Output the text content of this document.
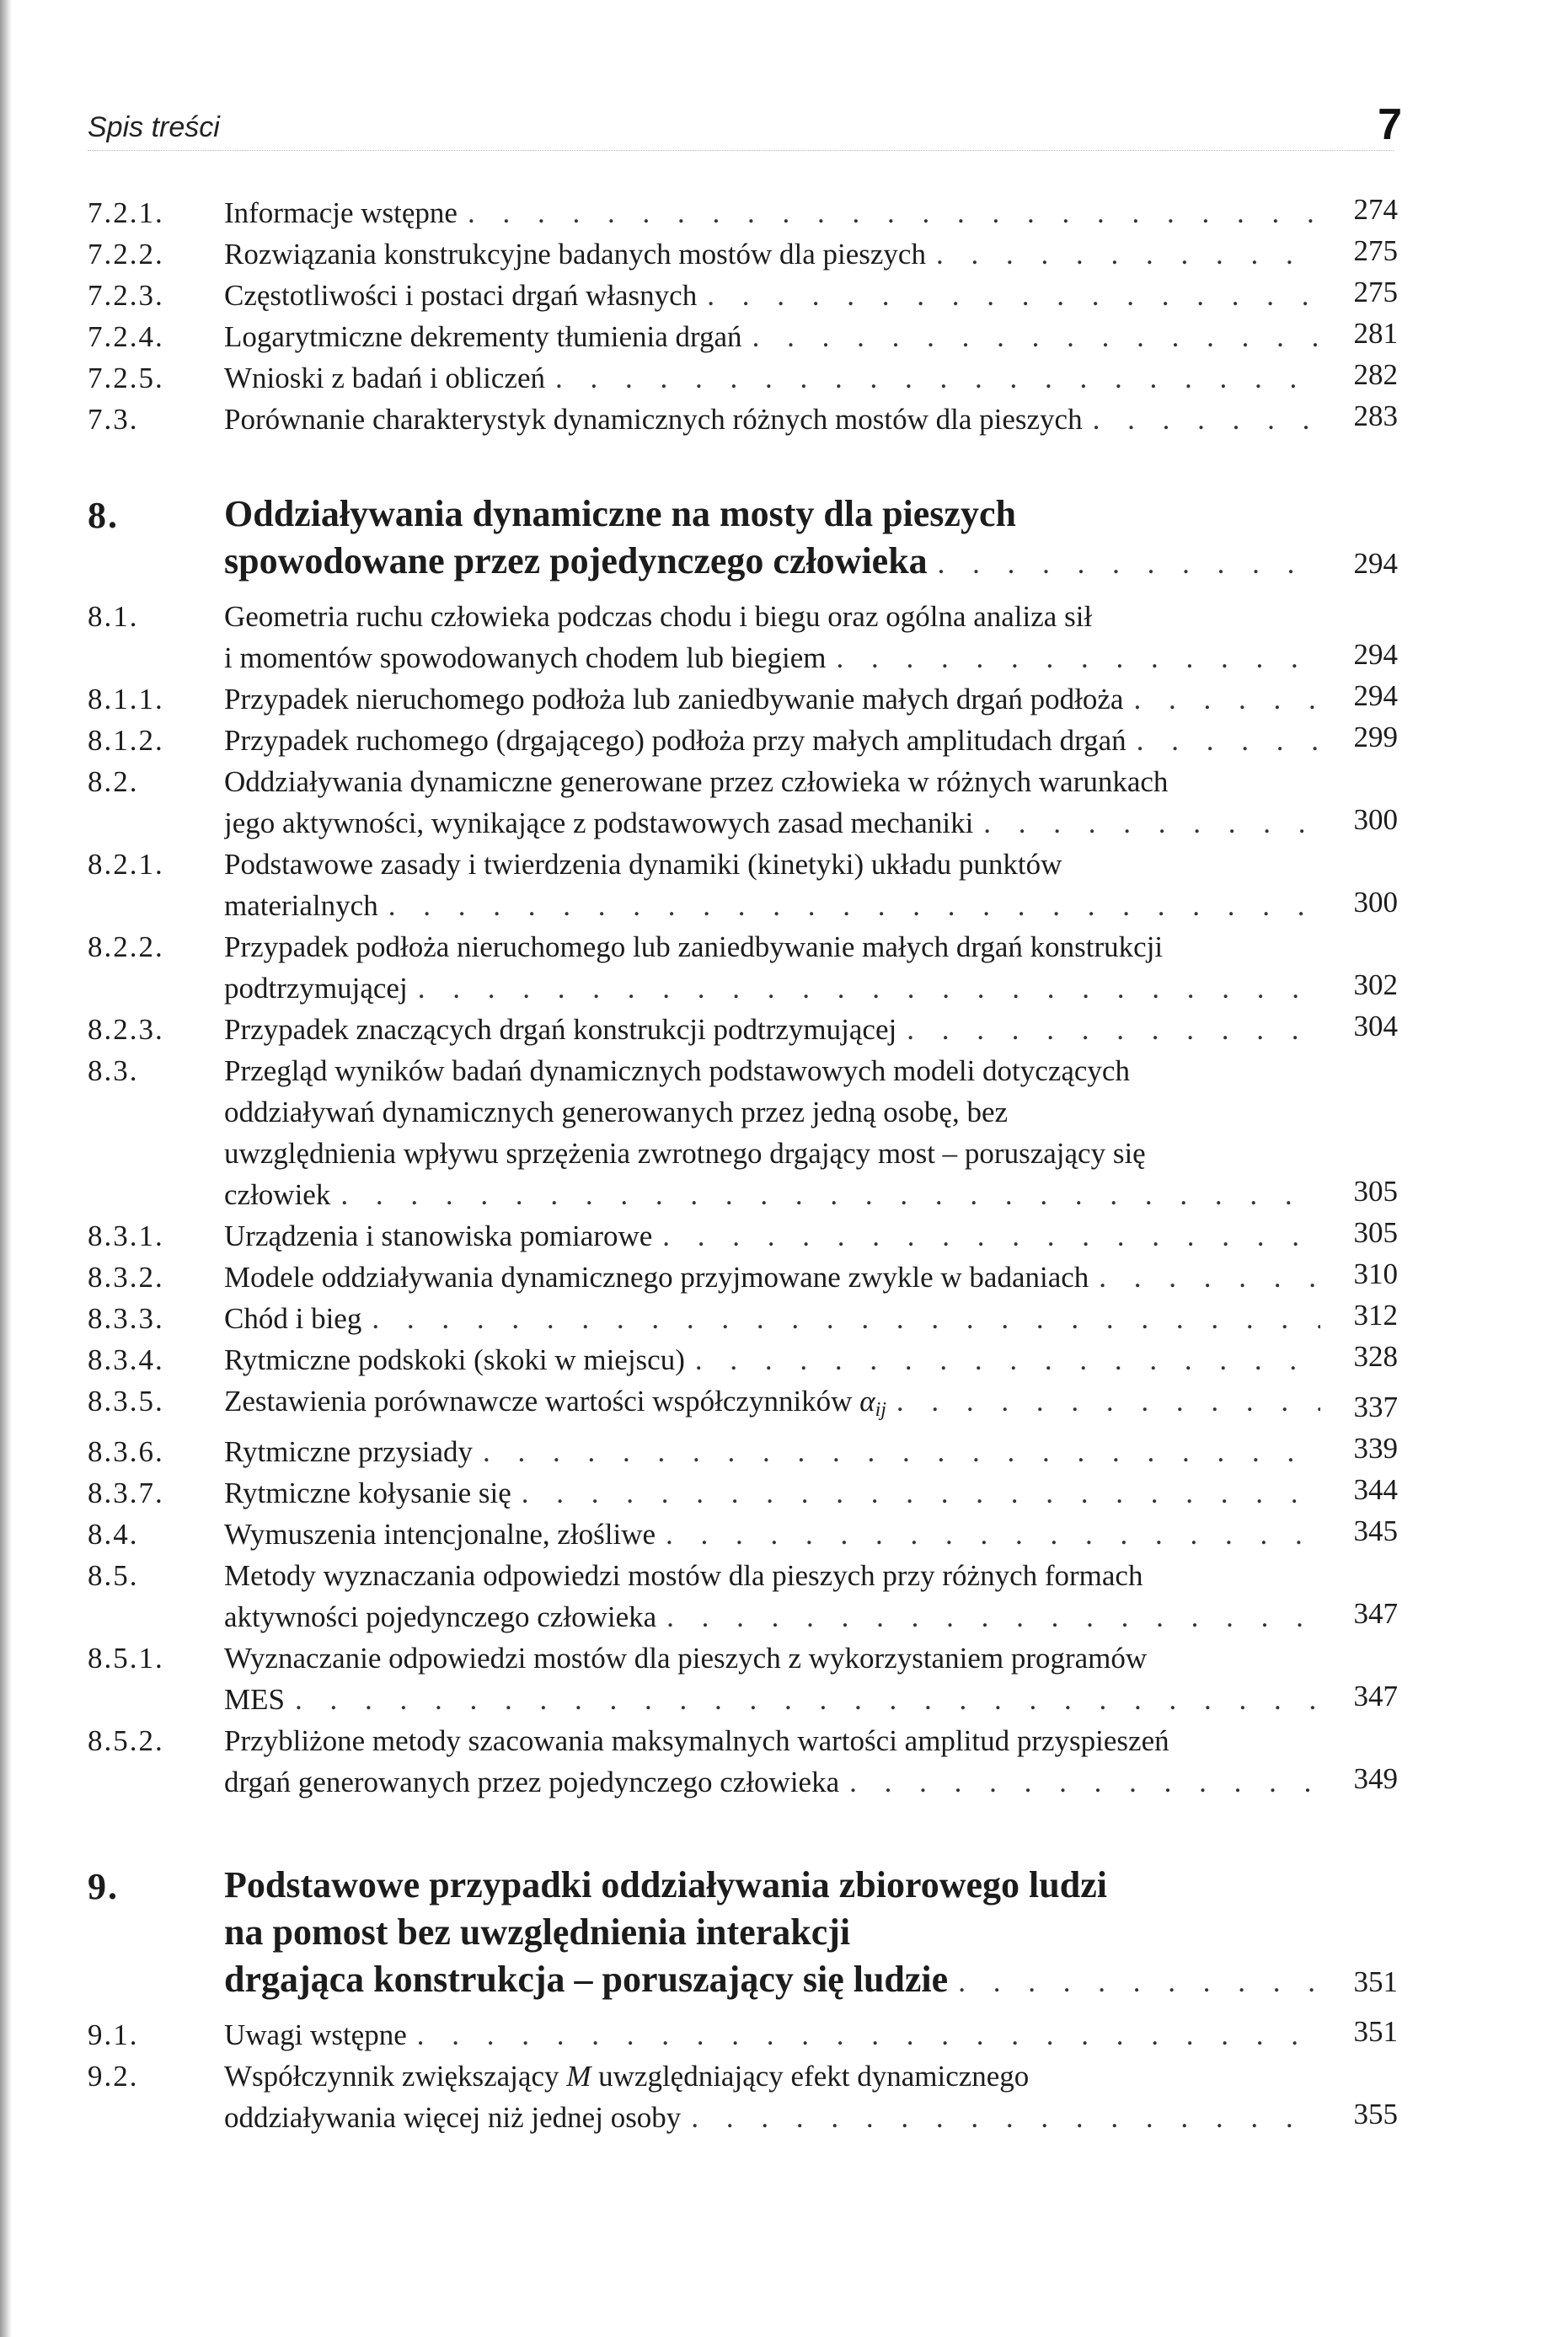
Spis treści	7
7.2.1. Informacje wstępne . . .	274
7.2.2. Rozwiązania konstrukcyjne badanych mostów dla pieszych . . .	275
7.2.3. Częstotliwości i postaci drgań własnych . . .	275
7.2.4. Logarytmiczne dekrementy tłumienia drgań . . .	281
7.2.5. Wnioski z badań i obliczeń . . .	282
7.3.	Porównanie charakterystyk dynamicznych różnych mostów dla pieszych . . .	283
8.	Oddziaływania dynamiczne na mosty dla pieszych
spowodowane przez pojedynczego człowieka . . .	294
8.1.	Geometria ruchu człowieka podczas chodu i biegu oraz ogólna analiza sił
i momentów spowodowanych chodem lub biegiem . . .	294
8.1.1. Przypadek nieruchomego podłoża lub zaniedbywanie małych drgań podłoża . . .	294
8.1.2. Przypadek ruchomego (drgającego) podłoża przy małych amplitudach drgań . . .	299
8.2.	Oddziaływania dynamiczne generowane przez człowieka w różnych warunkach
jego aktywności, wynikające z podstawowych zasad mechaniki . . .	300
8.2.1. Podstawowe zasady i twierdzenia dynamiki (kinetyki) układu punktów
materialnych . . .	300
8.2.2. Przypadek podłoża nieruchomego lub zaniedbywanie małych drgań konstrukcji
podtrzymującej . . .	302
8.2.3. Przypadek znaczących drgań konstrukcji podtrzymującej . . .	304
8.3.	Przegląd wyników badań dynamicznych podstawowych modeli dotyczących
oddziaływań dynamicznych generowanych przez jedną osobę, bez
uwzględnienia wpływu sprzężenia zwrotnego drgający most – poruszający się
człowiek . . .	305
8.3.1. Urządzenia i stanowiska pomiarowe . . .	305
8.3.2. Modele oddziaływania dynamicznego przyjmowane zwykle w badaniach . . .	310
8.3.3. Chód i bieg . . .	312
8.3.4. Rytmiczne podskoki (skoki w miejscu) . . .	328
8.3.5. Zestawienia porównawcze wartości współczynników $\alpha_{ij}$ . . .	337
8.3.6. Rytmiczne przysiady . . .	339
8.3.7. Rytmiczne kołysanie się . . .	344
8.4.	Wymuszenia intencjonalne, złośliwe . . .	345
8.5.	Metody wyznaczania odpowiedzi mostów dla pieszych przy różnych formach
aktywności pojedynczego człowieka . . .	347
8.5.1. Wyznaczanie odpowiedzi mostów dla pieszych z wykorzystaniem programów
MES . . .	347
8.5.2. Przybliżone metody szacowania maksymalnych wartości amplitud przyspieszeń
drgań generowanych przez pojedynczego człowieka . . .	349
9.	Podstawowe przypadki oddziaływania zbiorowego ludzi
na pomost bez uwzględnienia interakcji
drgająca konstrukcja – poruszający się ludzie . . .	351
9.1.	Uwagi wstępne . . .	351
9.2.	Współczynnik zwiększający M uwzględniający efekt dynamicznego
oddziaływania więcej niż jednej osoby . . .	355
